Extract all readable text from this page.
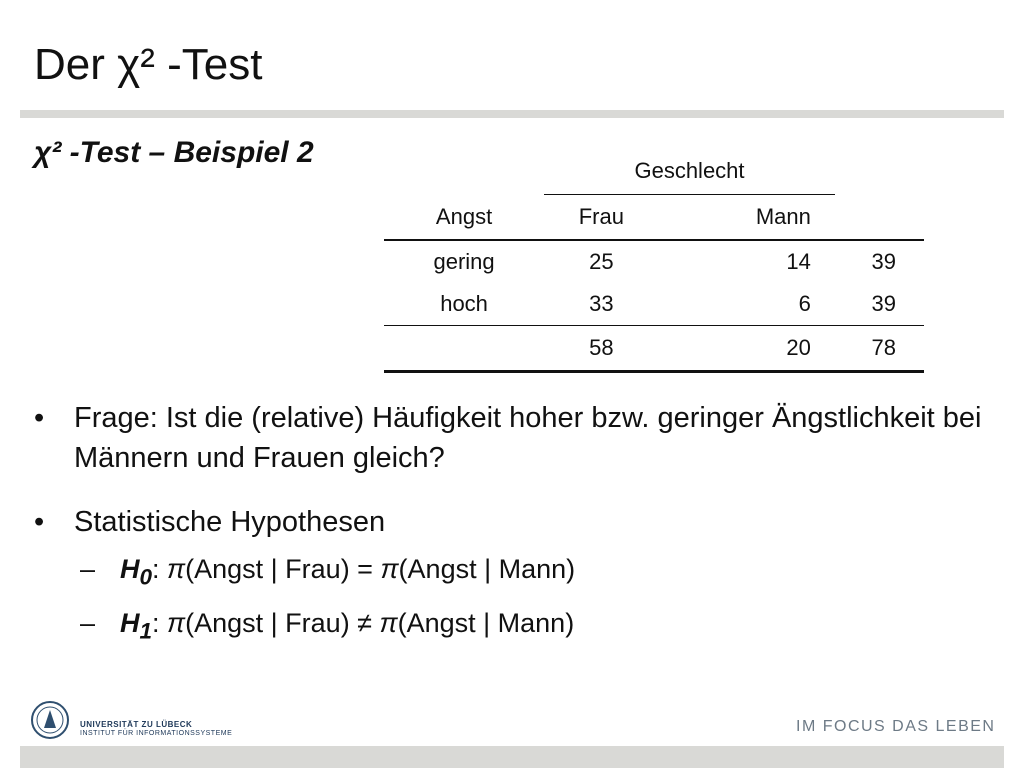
Der χ² -Test
χ² -Test – Beispiel 2
	Geschlecht		
Angst	Frau	Mann	
gering	25	14	39
hoch	33	6	39
	58	20	78
• Frage: Ist die (relative) Häufigkeit hoher bzw. geringer Ängstlichkeit bei Männern und Frauen gleich?
• Statistische Hypothesen
– $H_0$: π(Angst | Frau) = π(Angst | Mann)
– $H_1$: π(Angst | Frau) ≠ π(Angst | Mann)
UNIVERSITÄT ZU LÜBECK
INSTITUT FÜR INFORMATIONSSYSTEME	IM FOCUS DAS LEBEN
